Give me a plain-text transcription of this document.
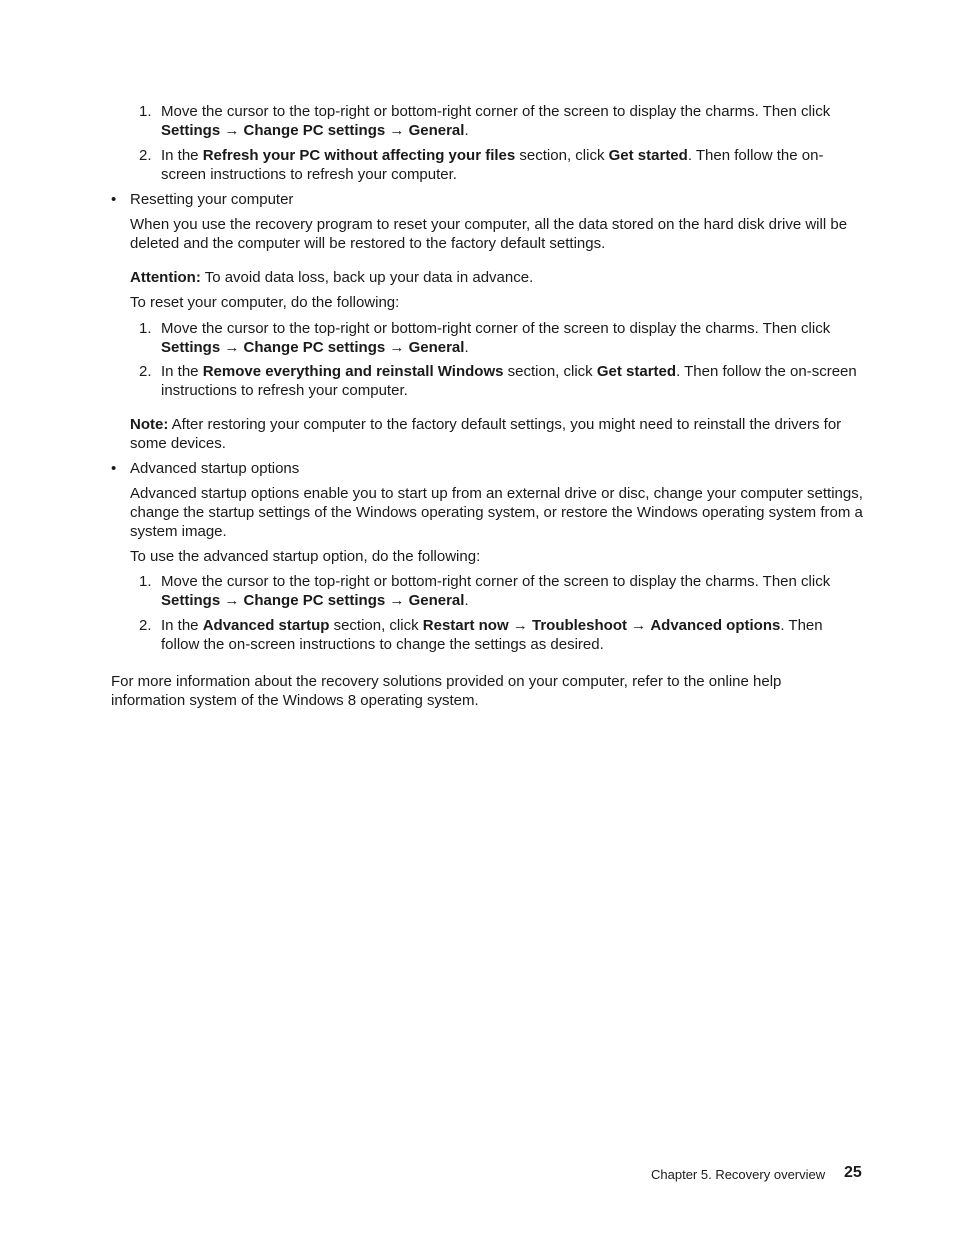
1. Move the cursor to the top-right or bottom-right corner of the screen to display the charms. Then click Settings → Change PC settings → General.

2. In the Refresh your PC without affecting your files section, click Get started. Then follow the on-screen instructions to refresh your computer.

• Resetting your computer

When you use the recovery program to reset your computer, all the data stored on the hard disk drive will be deleted and the computer will be restored to the factory default settings.

Attention: To avoid data loss, back up your data in advance.

To reset your computer, do the following:

1. Move the cursor to the top-right or bottom-right corner of the screen to display the charms. Then click Settings → Change PC settings → General.

2. In the Remove everything and reinstall Windows section, click Get started. Then follow the on-screen instructions to refresh your computer.

Note: After restoring your computer to the factory default settings, you might need to reinstall the drivers for some devices.

• Advanced startup options

Advanced startup options enable you to start up from an external drive or disc, change your computer settings, change the startup settings of the Windows operating system, or restore the Windows operating system from a system image.

To use the advanced startup option, do the following:

1. Move the cursor to the top-right or bottom-right corner of the screen to display the charms. Then click Settings → Change PC settings → General.

2. In the Advanced startup section, click Restart now → Troubleshoot → Advanced options. Then follow the on-screen instructions to change the settings as desired.

For more information about the recovery solutions provided on your computer, refer to the online help information system of the Windows 8 operating system.

Chapter 5. Recovery overview 25
